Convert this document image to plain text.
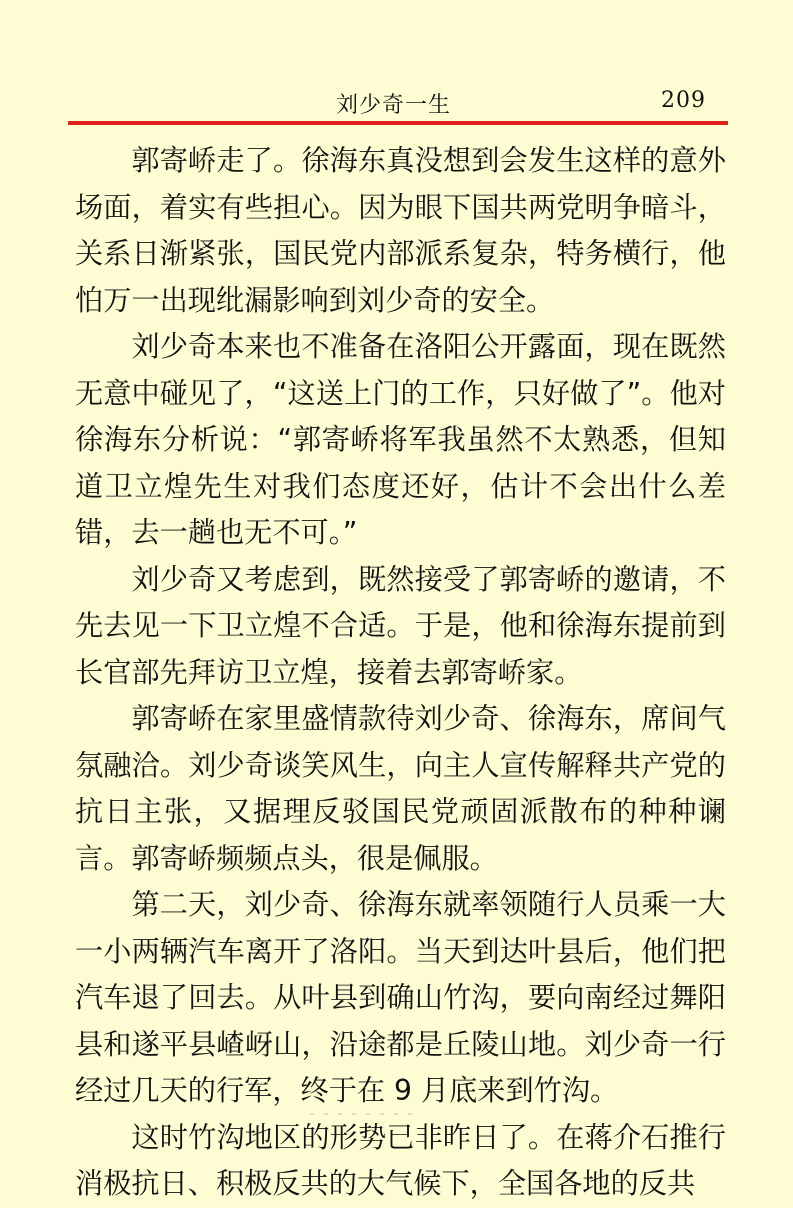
刘少奇一生	209

郭寄峤走了。徐海东真没想到会发生这样的意外场面，着实有些担心。因为眼下国共两党明争暗斗，关系日渐紧张，国民党内部派系复杂，特务横行，他怕万一出现纰漏影响到刘少奇的安全。

刘少奇本来也不准备在洛阳公开露面，现在既然无意中碰见了，“这送上门的工作，只好做了”。他对徐海东分析说：“郭寄峤将军我虽然不太熟悉，但知道卫立煌先生对我们态度还好，估计不会出什么差错，去一趟也无不可。”

刘少奇又考虑到，既然接受了郭寄峤的邀请，不先去见一下卫立煌不合适。于是，他和徐海东提前到长官部先拜访卫立煌，接着去郭寄峤家。

郭寄峤在家里盛情款待刘少奇、徐海东，席间气氛融洽。刘少奇谈笑风生，向主人宣传解释共产党的抗日主张，又据理反驳国民党顽固派散布的种种谰言。郭寄峤频频点头，很是佩服。

第二天，刘少奇、徐海东就率领随行人员乘一大一小两辆汽车离开了洛阳。当天到达叶县后，他们把汽车退了回去。从叶县到确山竹沟，要向南经过舞阳县和遂平县嵖岈山，沿途都是丘陵山地。刘少奇一行经过几天的行军，终于在 9 月底来到竹沟。

这时竹沟地区的形势已非昨日了。在蒋介石推行消极抗日、积极反共的大气候下，全国各地的反共
